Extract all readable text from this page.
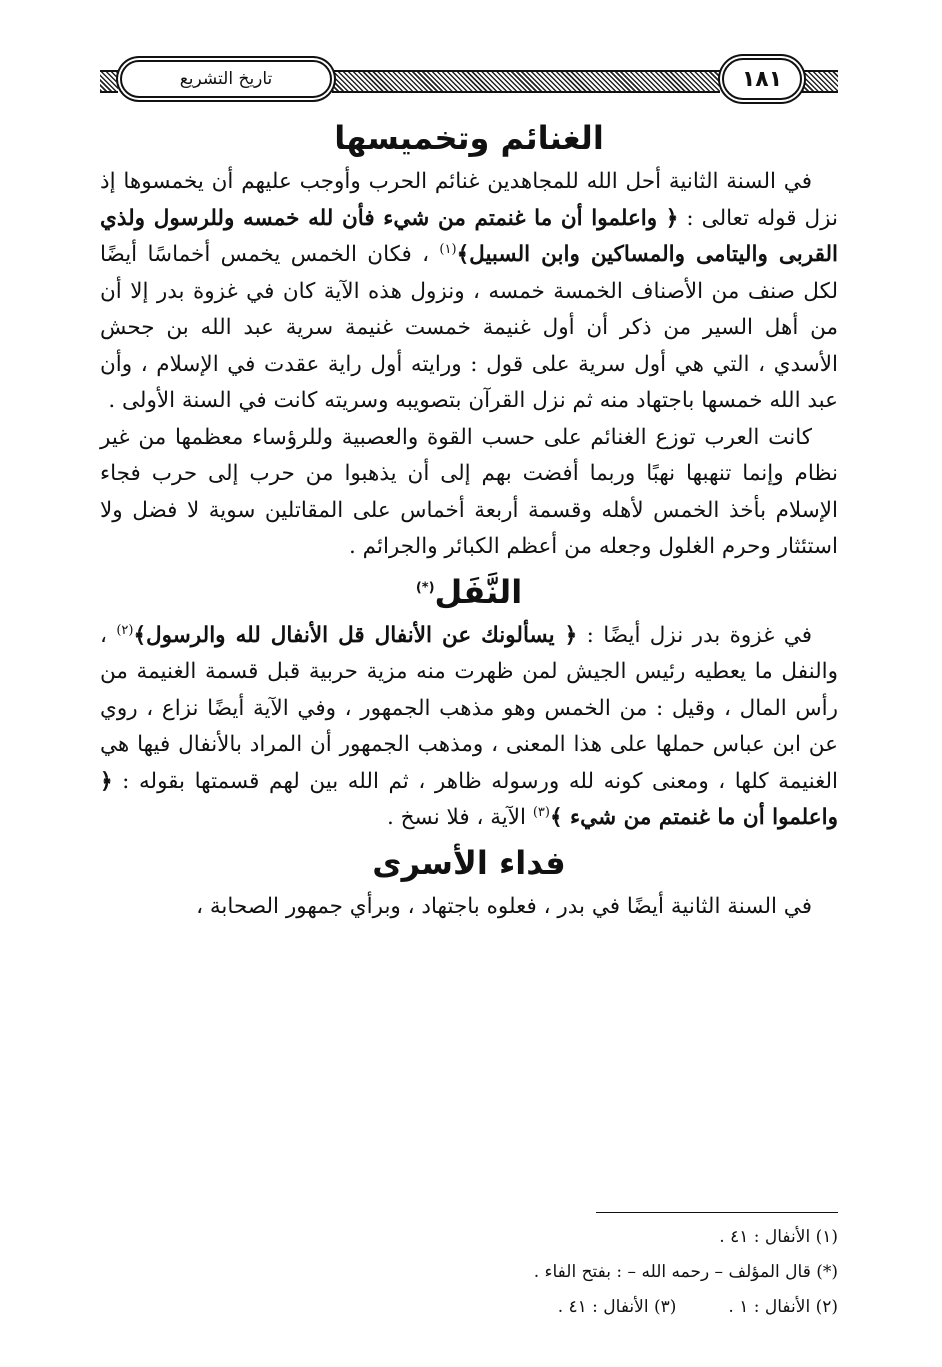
تاريخ التشريع	١٨١
الغنائم وتخميسها

في السنة الثانية أحل الله للمجاهدين غنائم الحرب وأوجب عليهم أن يخمسوها إذ نزل قوله تعالى : ﴿ واعلموا أن ما غنمتم من شيء فأن لله خمسه وللرسول ولذي القربى واليتامى والمساكين وابن السبيل﴾$^{(١)}$ ، فكان الخمس يخمس أخماسًا أيضًا لكل صنف من الأصناف الخمسة خمسه ، ونزول هذه الآية كان في غزوة بدر إلا أن من أهل السير من ذكر أن أول غنيمة خمست غنيمة سرية عبد الله بن جحش الأسدي ، التي هي أول سرية على قول : ورايته أول راية عقدت في الإسلام ، وأن عبد الله خمسها باجتهاد منه ثم نزل القرآن بتصويبه وسريته كانت في السنة الأولى .

كانت العرب توزع الغنائم على حسب القوة والعصبية وللرؤساء معظمها من غير نظام وإنما تنهبها نهبًا وربما أفضت بهم إلى أن يذهبوا من حرب إلى حرب فجاء الإسلام بأخذ الخمس لأهله وقسمة أربعة أخماس على المقاتلين سوية لا فضل ولا استئثار وحرم الغلول وجعله من أعظم الكبائر والجرائم .

النَّفَل(*)

في غزوة بدر نزل أيضًا : ﴿ يسألونك عن الأنفال قل الأنفال لله والرسول﴾$^{(٢)}$ ، والنفل ما يعطيه رئيس الجيش لمن ظهرت منه مزية حربية قبل قسمة الغنيمة من رأس المال ، وقيل : من الخمس وهو مذهب الجمهور ، وفي الآية أيضًا نزاع ، روي عن ابن عباس حملها على هذا المعنى ، ومذهب الجمهور أن المراد بالأنفال فيها هي الغنيمة كلها ، ومعنى كونه لله ورسوله ظاهر ، ثم الله بين لهم قسمتها بقوله : ﴿ واعلموا أن ما غنمتم من شيء ﴾$^{(٣)}$ الآية ، فلا نسخ .

فداء الأسرى

في السنة الثانية أيضًا في بدر ، فعلوه باجتهاد ، وبرأي جمهور الصحابة ،

(١) الأنفال : ٤١ .
(*) قال المؤلف – رحمه الله – : بفتح الفاء .
(٢) الأنفال : ١ .(٣) الأنفال : ٤١ .
